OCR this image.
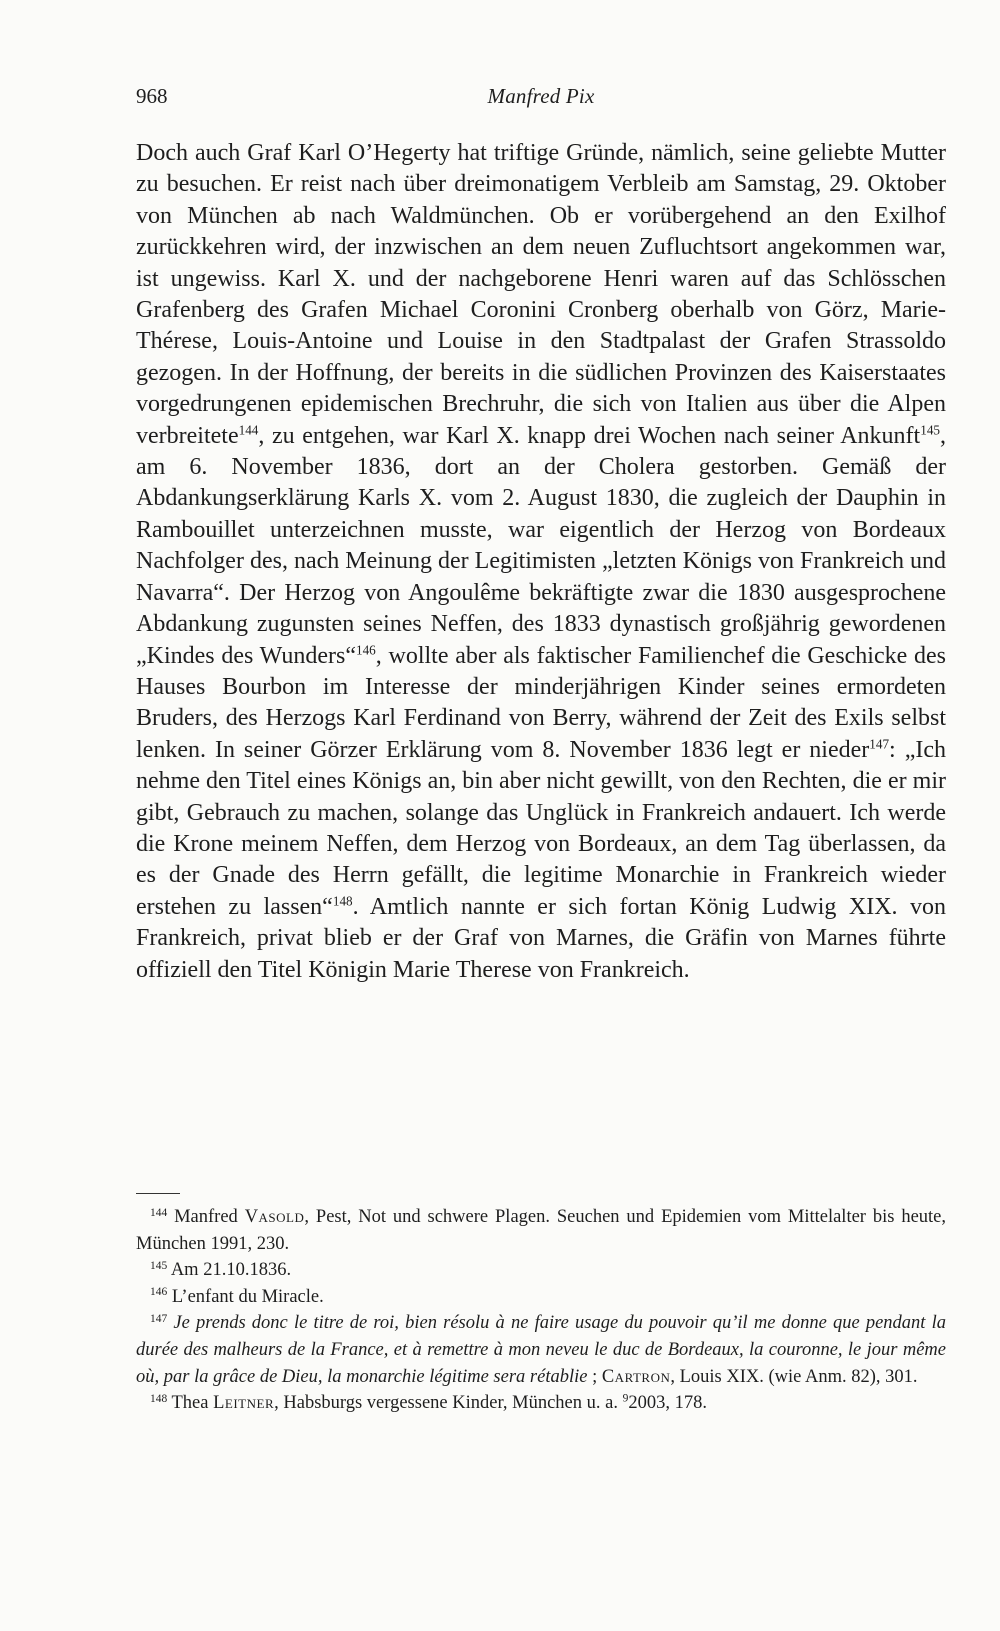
968	Manfred Pix

Doch auch Graf Karl O’Hegerty hat triftige Gründe, nämlich, seine geliebte Mutter zu besuchen. Er reist nach über dreimonatigem Verbleib am Samstag, 29. Oktober von München ab nach Waldmünchen. Ob er vorübergehend an den Exilhof zurückkehren wird, der inzwischen an dem neuen Zufluchtsort angekommen war, ist ungewiss. Karl X. und der nachgeborene Henri waren auf das Schlösschen Grafenberg des Grafen Michael Coronini Cronberg oberhalb von Görz, Marie-Thérese, Louis-Antoine und Louise in den Stadtpalast der Grafen Strassoldo gezogen. In der Hoffnung, der bereits in die südlichen Provinzen des Kaiserstaates vorgedrungenen epidemischen Brechruhr, die sich von Italien aus über die Alpen verbreitete$^{144}$, zu entgehen, war Karl X. knapp drei Wochen nach seiner Ankunft$^{145}$, am 6. November 1836, dort an der Cholera gestorben. Gemäß der Abdankungserklärung Karls X. vom 2. August 1830, die zugleich der Dauphin in Rambouillet unterzeichnen musste, war eigentlich der Herzog von Bordeaux Nachfolger des, nach Meinung der Legitimisten „letzten Königs von Frankreich und Navarra“. Der Herzog von Angoulême bekräftigte zwar die 1830 ausgesprochene Abdankung zugunsten seines Neffen, des 1833 dynastisch großjährig gewordenen „Kindes des Wunders“$^{146}$, wollte aber als faktischer Familienchef die Geschicke des Hauses Bourbon im Interesse der minderjährigen Kinder seines ermordeten Bruders, des Herzogs Karl Ferdinand von Berry, während der Zeit des Exils selbst lenken. In seiner Görzer Erklärung vom 8. November 1836 legt er nieder$^{147}$: „Ich nehme den Titel eines Königs an, bin aber nicht gewillt, von den Rechten, die er mir gibt, Gebrauch zu machen, solange das Unglück in Frankreich andauert. Ich werde die Krone meinem Neffen, dem Herzog von Bordeaux, an dem Tag überlassen, da es der Gnade des Herrn gefällt, die legitime Monarchie in Frankreich wieder erstehen zu lassen“$^{148}$. Amtlich nannte er sich fortan König Ludwig XIX. von Frankreich, privat blieb er der Graf von Marnes, die Gräfin von Marnes führte offiziell den Titel Königin Marie Therese von Frankreich.

$^{144}$ Manfred Vasold, Pest, Not und schwere Plagen. Seuchen und Epidemien vom Mittelalter bis heute, München 1991, 230.

$^{145}$ Am 21.10.1836.

$^{146}$ L’enfant du Miracle.

$^{147}$ Je prends donc le titre de roi, bien résolu à ne faire usage du pouvoir qu’il me donne que pendant la durée des malheurs de la France, et à remettre à mon neveu le duc de Bordeaux, la couronne, le jour même où, par la grâce de Dieu, la monarchie légitime sera rétablie ; Cartron, Louis XIX. (wie Anm. 82), 301.

$^{148}$ Thea Leitner, Habsburgs vergessene Kinder, München u. a. $^9$2003, 178.
